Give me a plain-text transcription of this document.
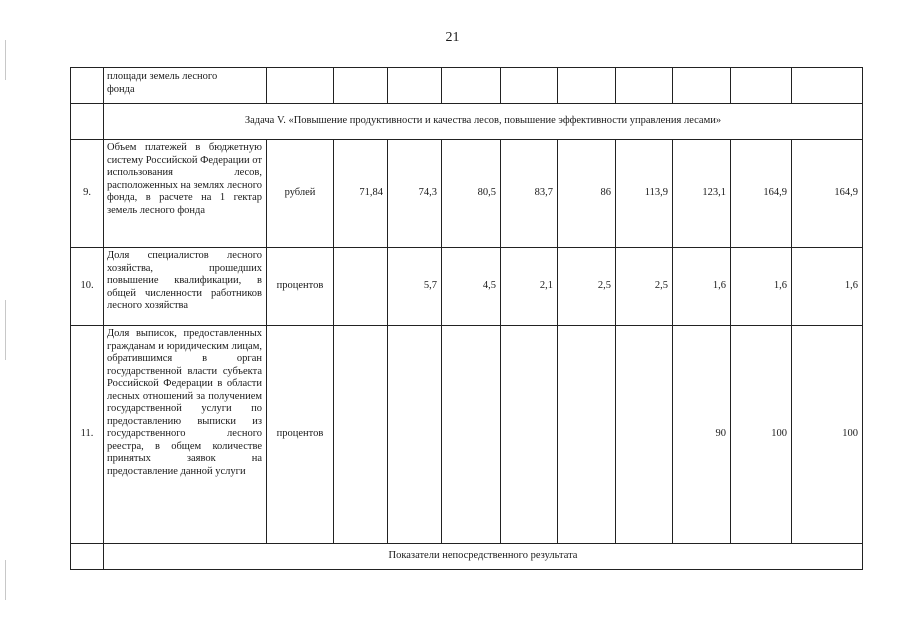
21
	площади земель лесного
фонда										
	Задача V. «Повышение продуктивности и качества лесов, повышение эффективности управления лесами»										
9.	Объем платежей в бюджетную систему Российской Федерации от использования лесов, расположенных на землях лесного фонда, в расчете на 1 гектар земель лесного фонда	рублей	71,84	74,3	80,5	83,7	86	113,9	123,1	164,9	164,9
10.	Доля специалистов лесного хозяйства, прошедших повышение квалификации, в общей численности работников лесного хозяйства	процентов		5,7	4,5	2,1	2,5	2,5	1,6	1,6	1,6
11.	Доля выписок, предоставленных гражданам и юридическим лицам, обратившимся в орган государственной власти субъекта Российской Федерации в области лесных отношений за получением государственной услуги по предоставлению выписки из государственного лесного реестра, в общем количестве принятых заявок на предоставление данной услуги	процентов							90	100	100
	Показатели непосредственного результата										
